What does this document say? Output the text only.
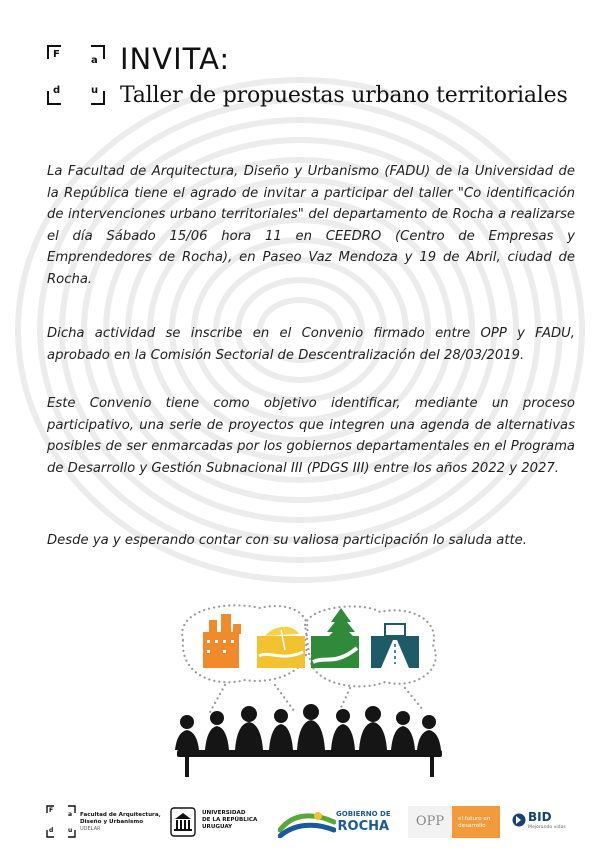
F
a
d	u
INVITA:
Taller de propuestas urbano territoriales

La Facultad de Arquitectura, Diseño y Urbanismo (FADU) de la Universidad de la República tiene el agrado de invitar a participar del taller "Co identificación de intervenciones urbano territoriales" del departamento de Rocha a realizarse el día Sábado 15/06 hora 11 en CEEDRO (Centro de Empresas y Emprendedores de Rocha), en Paseo Vaz Mendoza y 19 de Abril, ciudad de Rocha.

Dicha actividad se inscribe en el Convenio firmado entre OPP y FADU, aprobado en la Comisión Sectorial de Descentralización del 28/03/2019.

Este Convenio tiene como objetivo identificar, mediante un proceso participativo, una serie de proyectos que integren una agenda de alternativas posibles de ser enmarcadas por los gobiernos departamentales en el Programa de Desarrollo y Gestión Subnacional III (PDGS III) entre los años 2022 y 2027.

Desde ya y esperando contar con su valiosa participación lo saluda atte.

F
a
d u
Facultad de Arquitectura,
Diseño y Urbanismo
UDELAR
UNIVERSIDAD
DE LA REPÚBLICA
URUGUAY
GOBIERNO DE
ROCHA	OPP	el futuro en
desarrollo
BID
Mejorando vidas
